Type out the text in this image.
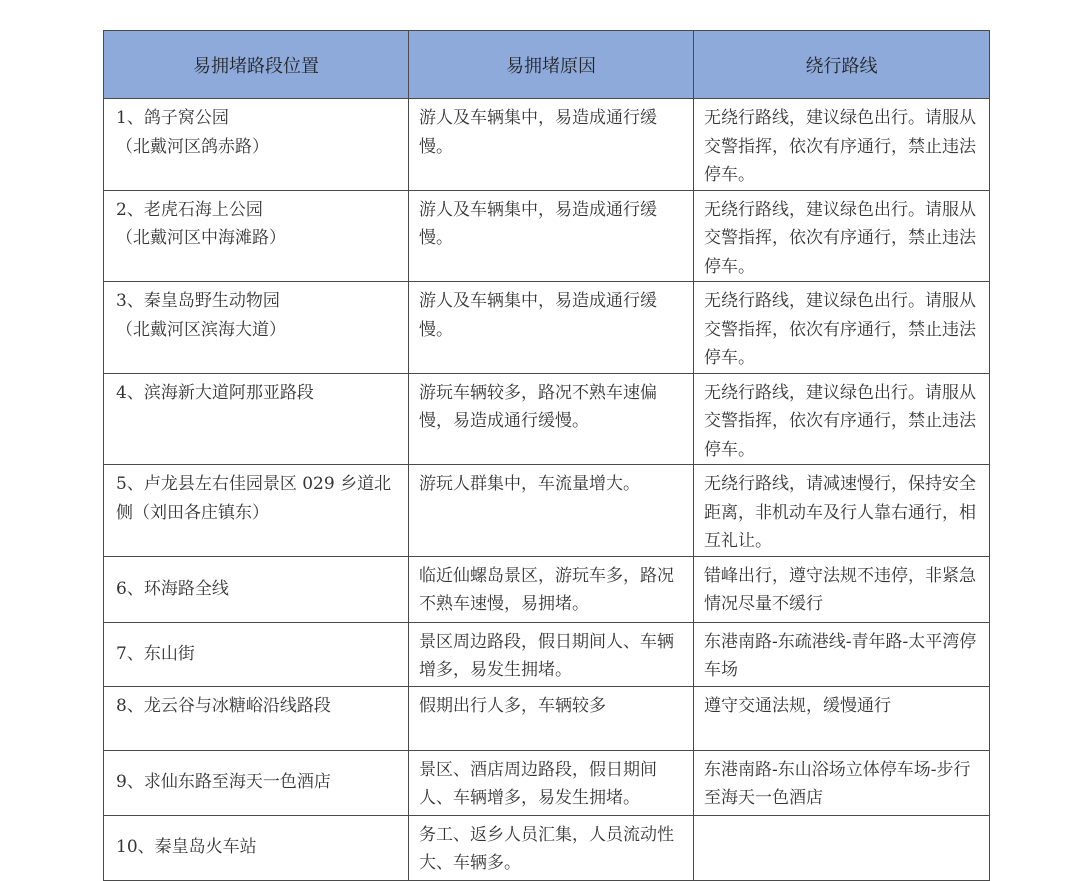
易拥堵路段位置	易拥堵原因	绕行路线

1、鸽子窝公园
（北戴河区鸽赤路）	游人及车辆集中，易造成通行缓慢。	无绕行路线，建议绿色出行。请服从交警指挥，依次有序通行，禁止违法停车。

2、老虎石海上公园
（北戴河区中海滩路）	游人及车辆集中，易造成通行缓慢。	无绕行路线，建议绿色出行。请服从交警指挥，依次有序通行，禁止违法停车。

3、秦皇岛野生动物园
（北戴河区滨海大道）	游人及车辆集中，易造成通行缓慢。	无绕行路线，建议绿色出行。请服从交警指挥，依次有序通行，禁止违法停车。

4、滨海新大道阿那亚路段	游玩车辆较多，路况不熟车速偏慢，易造成通行缓慢。	无绕行路线，建议绿色出行。请服从交警指挥，依次有序通行，禁止违法停车。

5、卢龙县左右佳园景区 029 乡道北侧（刘田各庄镇东）	游玩人群集中，车流量增大。	无绕行路线，请减速慢行，保持安全距离，非机动车及行人靠右通行，相互礼让。

6、环海路全线	临近仙螺岛景区，游玩车多，路况不熟车速慢，易拥堵。	错峰出行，遵守法规不违停，非紧急情况尽量不缓行

7、东山街	景区周边路段，假日期间人、车辆增多，易发生拥堵。	东港南路-东疏港线-青年路-太平湾停车场

8、龙云谷与冰糖峪沿线路段	假期出行人多，车辆较多	遵守交通法规，缓慢通行

9、求仙东路至海天一色酒店	景区、酒店周边路段，假日期间人、车辆增多，易发生拥堵。	东港南路-东山浴场立体停车场-步行至海天一色酒店

10、秦皇岛火车站	务工、返乡人员汇集，人员流动性大、车辆多。	
